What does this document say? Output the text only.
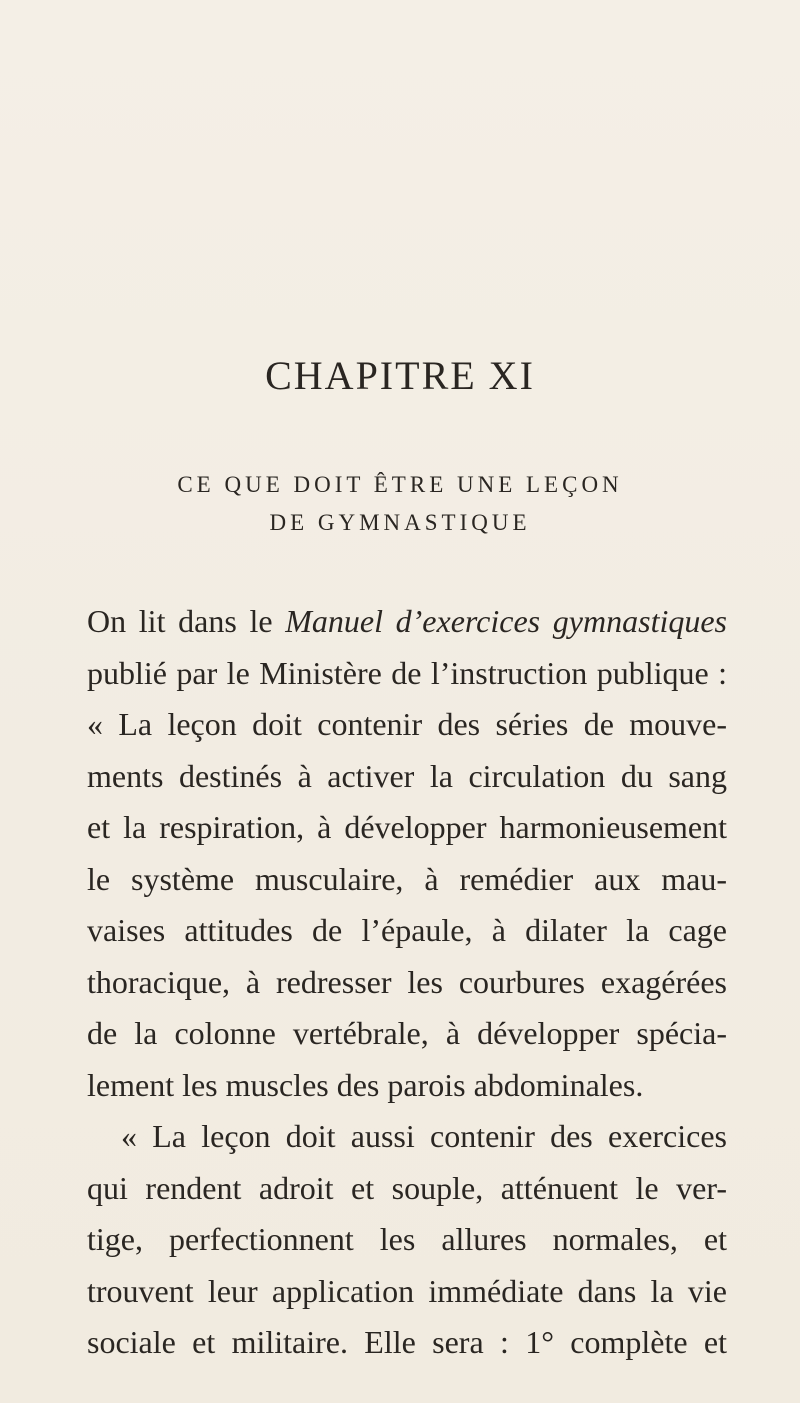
CHAPITRE XI
CE QUE DOIT ÊTRE UNE LEÇON
DE GYMNASTIQUE
On lit dans le Manuel d’exercices gymnastiques
publié par le Ministère de l’instruction publique :
« La leçon doit contenir des séries de mouve-
ments destinés à activer la circulation du sang
et la respiration, à développer harmonieusement
le système musculaire, à remédier aux mau-
vaises attitudes de l’épaule, à dilater la cage
thoracique, à redresser les courbures exagérées
de la colonne vertébrale, à développer spécia-
lement les muscles des parois abdominales.
« La leçon doit aussi contenir des exercices
qui rendent adroit et souple, atténuent le ver-
tige, perfectionnent les allures normales, et
trouvent leur application immédiate dans la vie
sociale et militaire. Elle sera : 1° complète et
